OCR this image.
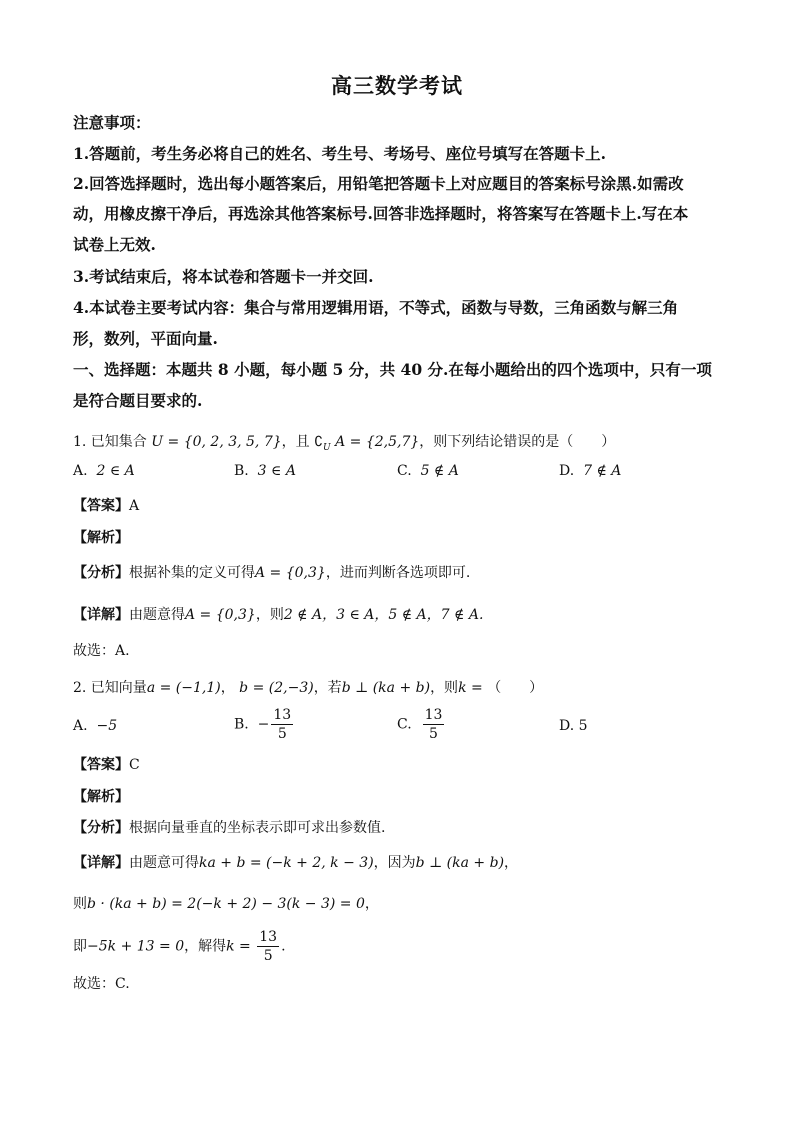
高三数学考试
注意事项：
1.答题前，考生务必将自己的姓名、考生号、考场号、座位号填写在答题卡上.
2.回答选择题时，选出每小题答案后，用铅笔把答题卡上对应题目的答案标号涂黑.如需改
动，用橡皮擦干净后，再选涂其他答案标号.回答非选择题时，将答案写在答题卡上.写在本
试卷上无效.
3.考试结束后，将本试卷和答题卡一并交回.
4.本试卷主要考试内容：集合与常用逻辑用语，不等式，函数与导数，三角函数与解三角
形，数列，平面向量.
一、选择题：本题共 8 小题，每小题 5 分，共 40 分.在每小题给出的四个选项中，只有一项
是符合题目要求的.
1. 已知集合 U = {0, 2, 3, 5, 7}，且 $∁_U$ A = {2,5,7}，则下列结论错误的是（　　）
A. 2 ∈ A	B. 3 ∈ A	C. 5 ∉ A	D. 7 ∉ A
【答案】A
【解析】
【分析】根据补集的定义可得A = {0,3}，进而判断各选项即可.
【详解】由题意得A = {0,3}，则2 ∉ A，3 ∈ A，5 ∉ A，7 ∉ A.
故选：A.
2. 已知向量a = (−1,1)， b = (2,−3)，若b ⊥ (ka + b)，则k = （　　）
A. −5	B. − $\frac{13}{5}$	C. $\frac{13}{5}$	D. 5
【答案】C
【解析】
【分析】根据向量垂直的坐标表示即可求出参数值.
【详解】由题意可得ka + b = (−k + 2, k − 3)，因为b ⊥ (ka + b)，
则b · (ka + b) = 2(−k + 2) − 3(k − 3) = 0，
即−5k + 13 = 0，解得$k = \frac{13}{5}$ .
故选：C.
